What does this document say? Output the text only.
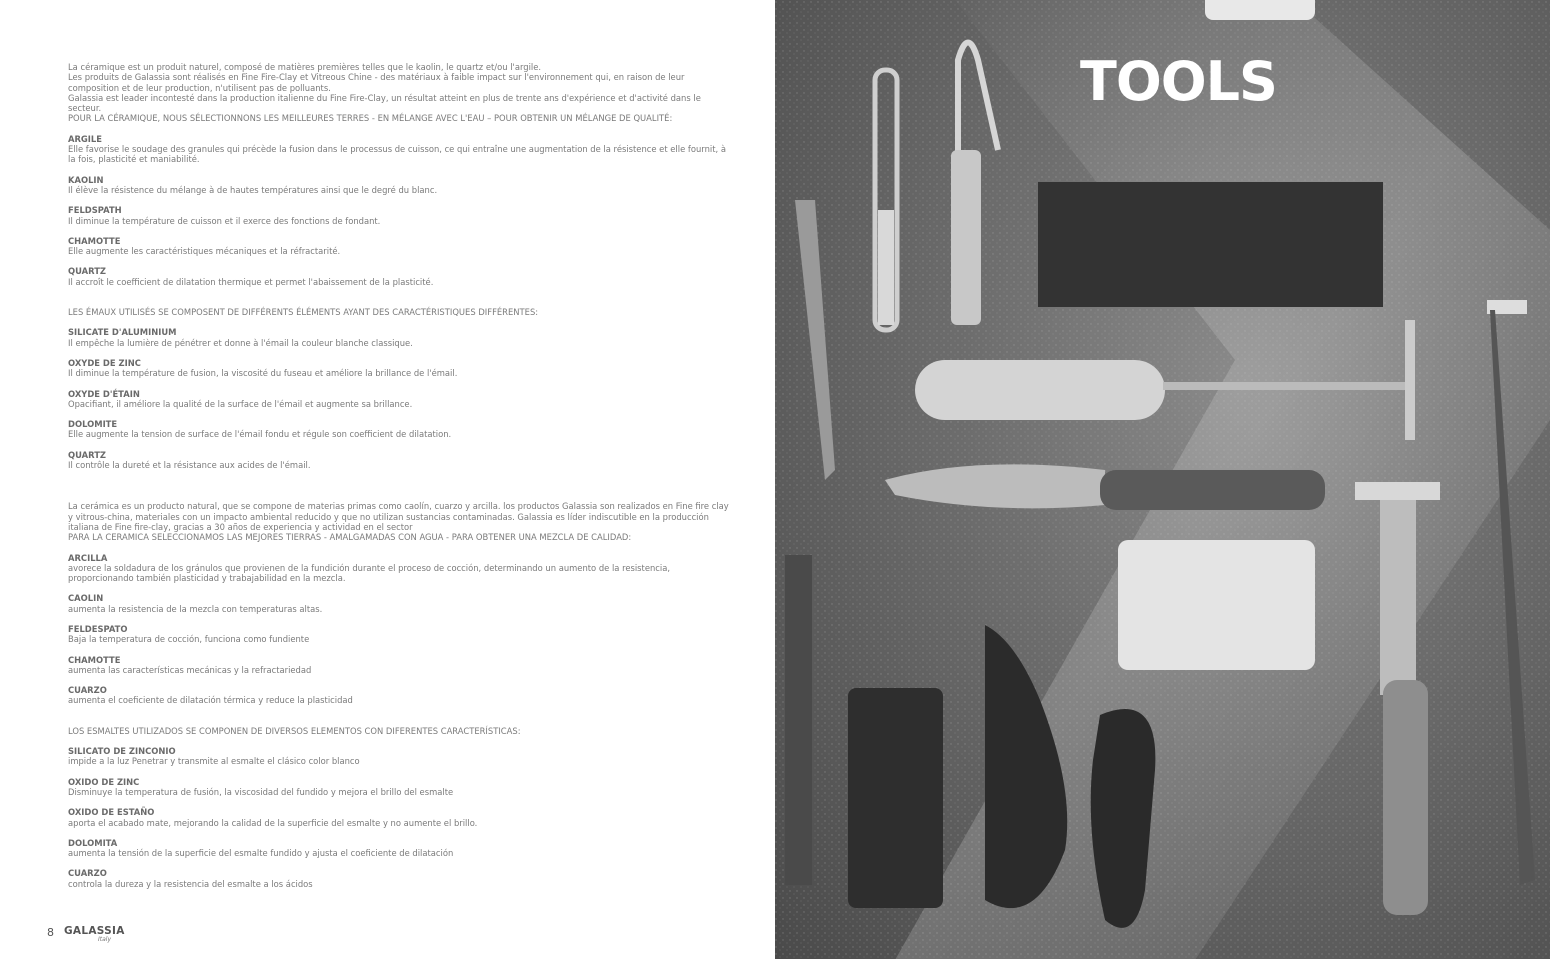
La céramique est un produit naturel, composé de matières premières telles que le kaolin, le quartz et/ou l'argile.

Les produits de Galassia sont réalisés en Fine Fire-Clay et Vitreous Chine - des matériaux à faible impact sur l'environnement qui, en raison de leur composition et de leur production, n'utilisent pas de polluants.

Galassia est leader incontesté dans la production italienne du Fine Fire-Clay, un résultat atteint en plus de trente ans d'expérience et d'activité dans le secteur.

POUR LA CÉRAMIQUE, NOUS SÉLECTIONNONS LES MEILLEURES TERRES - EN MÉLANGE AVEC L'EAU – POUR OBTENIR UN MÉLANGE DE QUALITÉ:

ARGILE

Elle favorise le soudage des granules qui précède la fusion dans le processus de cuisson, ce qui entraîne une augmentation de la résistence et elle fournit, à la fois, plasticité et maniabilité.

KAOLIN

Il élève la résistence du mélange à de hautes températures ainsi que le degré du blanc.

FELDSPATH

Il diminue la température de cuisson et il exerce des fonctions de fondant.

CHAMOTTE

Elle augmente les caractéristiques mécaniques et la réfractarité.

QUARTZ

Il accroît le coefficient de dilatation thermique et permet l'abaissement de la plasticité.

LES ÉMAUX UTILISÉS SE COMPOSENT DE DIFFÉRENTS ÉLÉMENTS AYANT DES CARACTÉRISTIQUES DIFFÉRENTES:

SILICATE D'ALUMINIUM

Il empêche la lumière de pénétrer et donne à l'émail la couleur blanche classique.

OXYDE DE ZINC

Il diminue la température de fusion, la viscosité du fuseau et améliore la brillance de l'émail.

OXYDE D'ÉTAIN

Opacifiant, il améliore la qualité de la surface de l'émail et augmente sa brillance.

DOLOMITE

Elle augmente la tension de surface de l'émail fondu et régule son coefficient de dilatation.

QUARTZ

Il contrôle la dureté et la résistance aux acides de l'émail.

La cerámica es un producto natural, que se compone de materias primas como caolín, cuarzo y arcilla. los productos Galassia son realizados en Fine fire clay y vitrous-china, materiales con un impacto ambiental reducido y que no utilizan sustancias contaminadas. Galassia es líder indiscutible en la producción italiana de Fine fire-clay, gracias a 30 años de experiencia y actividad en el sector

PARA LA CERAMICA SELECCIONAMOS LAS MEJORES TIERRAS - AMALGAMADAS CON AGUA - PARA OBTENER UNA MEZCLA DE CALIDAD:

ARCILLA

avorece la soldadura de los gránulos que provienen de la fundición durante el proceso de cocción, determinando un aumento de la resistencia, proporcionando también plasticidad y trabajabilidad en la mezcla.

CAOLIN

aumenta la resistencia de la mezcla con temperaturas altas.

FELDESPATO

Baja la temperatura de cocción, funciona como fundiente

CHAMOTTE

aumenta las características mecánicas y la refractariedad

CUARZO

aumenta el coeficiente de dilatación térmica y reduce la plasticidad

LOS ESMALTES UTILIZADOS SE COMPONEN DE DIVERSOS ELEMENTOS CON DIFERENTES CARACTERÍSTICAS:

SILICATO DE ZINCONIO

impide a la luz Penetrar y transmite al esmalte el clásico color blanco

OXIDO DE ZINC

Disminuye la temperatura de fusión, la viscosidad del fundido y mejora el brillo del esmalte

OXIDO DE ESTAÑO

aporta el acabado mate, mejorando la calidad de la superficie del esmalte y no aumente el brillo.

DOLOMITA

aumenta la tensión de la superficie del esmalte fundido y ajusta el coeficiente de dilatación

CUARZO

controla la dureza y la resistencia del esmalte a los ácidos

8 GALASSIA
Italy
TOOLS
